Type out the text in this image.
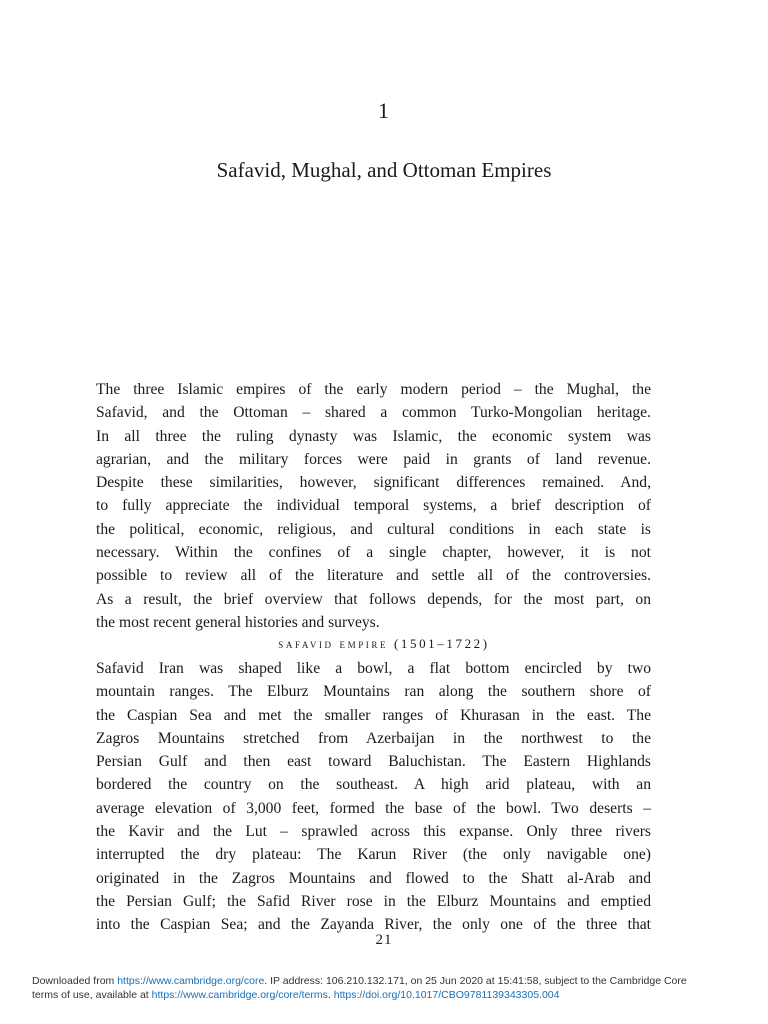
1
Safavid, Mughal, and Ottoman Empires

The three Islamic empires of the early modern period – the Mughal, the
Safavid, and the Ottoman – shared a common Turko-Mongolian heritage.
In all three the ruling dynasty was Islamic, the economic system was
agrarian, and the military forces were paid in grants of land revenue.
Despite these similarities, however, significant differences remained. And,
to fully appreciate the individual temporal systems, a brief description of
the political, economic, religious, and cultural conditions in each state is
necessary. Within the confines of a single chapter, however, it is not
possible to review all of the literature and settle all of the controversies.
As a result, the brief overview that follows depends, for the most part, on
the most recent general histories and surveys.

safavid empire (1501–1722)

Safavid Iran was shaped like a bowl, a flat bottom encircled by two
mountain ranges. The Elburz Mountains ran along the southern shore of
the Caspian Sea and met the smaller ranges of Khurasan in the east. The
Zagros Mountains stretched from Azerbaijan in the northwest to the
Persian Gulf and then east toward Baluchistan. The Eastern Highlands
bordered the country on the southeast. A high arid plateau, with an
average elevation of 3,000 feet, formed the base of the bowl. Two deserts –
the Kavir and the Lut – sprawled across this expanse. Only three rivers
interrupted the dry plateau: The Karun River (the only navigable one)
originated in the Zagros Mountains and flowed to the Shatt al-Arab and
the Persian Gulf; the Safid River rose in the Elburz Mountains and emptied
into the Caspian Sea; and the Zayanda River, the only one of the three that

21
Downloaded from https://www.cambridge.org/core. IP address: 106.210.132.171, on 25 Jun 2020 at 15:41:58, subject to the Cambridge Core
terms of use, available at https://www.cambridge.org/core/terms. https://doi.org/10.1017/CBO9781139343305.004
